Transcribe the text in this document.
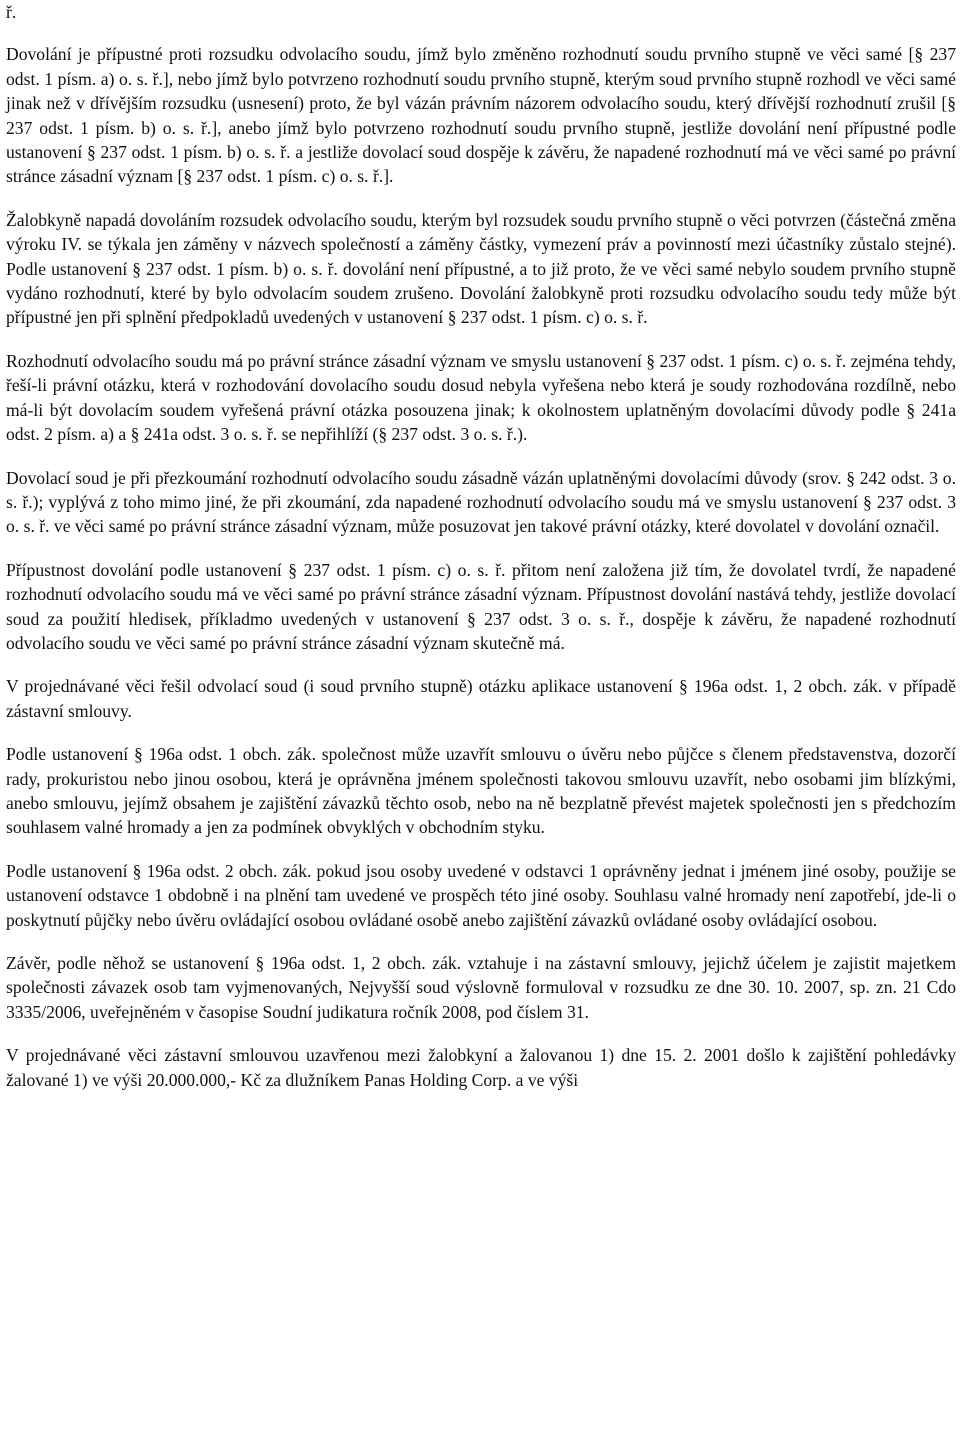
ř.

Dovolání je přípustné proti rozsudku odvolacího soudu, jímž bylo změněno rozhodnutí soudu prvního stupně ve věci samé [§ 237 odst. 1 písm. a) o. s. ř.], nebo jímž bylo potvrzeno rozhodnutí soudu prvního stupně, kterým soud prvního stupně rozhodl ve věci samé jinak než v dřívějším rozsudku (usnesení) proto, že byl vázán právním názorem odvolacího soudu, který dřívější rozhodnutí zrušil [§ 237 odst. 1 písm. b) o. s. ř.], anebo jímž bylo potvrzeno rozhodnutí soudu prvního stupně, jestliže dovolání není přípustné podle ustanovení § 237 odst. 1 písm. b) o. s. ř. a jestliže dovolací soud dospěje k závěru, že napadené rozhodnutí má ve věci samé po právní stránce zásadní význam [§ 237 odst. 1 písm. c) o. s. ř.].

Žalobkyně napadá dovoláním rozsudek odvolacího soudu, kterým byl rozsudek soudu prvního stupně o věci potvrzen (částečná změna výroku IV. se týkala jen záměny v názvech společností a záměny částky, vymezení práv a povinností mezi účastníky zůstalo stejné). Podle ustanovení § 237 odst. 1 písm. b) o. s. ř. dovolání není přípustné, a to již proto, že ve věci samé nebylo soudem prvního stupně vydáno rozhodnutí, které by bylo odvolacím soudem zrušeno. Dovolání žalobkyně proti rozsudku odvolacího soudu tedy může být přípustné jen při splnění předpokladů uvedených v ustanovení § 237 odst. 1 písm. c) o. s. ř.

Rozhodnutí odvolacího soudu má po právní stránce zásadní význam ve smyslu ustanovení § 237 odst. 1 písm. c) o. s. ř. zejména tehdy, řeší-li právní otázku, která v rozhodování dovolacího soudu dosud nebyla vyřešena nebo která je soudy rozhodována rozdílně, nebo má-li být dovolacím soudem vyřešená právní otázka posouzena jinak; k okolnostem uplatněným dovolacími důvody podle § 241a odst. 2 písm. a) a § 241a odst. 3 o. s. ř. se nepřihlíží (§ 237 odst. 3 o. s. ř.).

Dovolací soud je při přezkoumání rozhodnutí odvolacího soudu zásadně vázán uplatněnými dovolacími důvody (srov. § 242 odst. 3 o. s. ř.); vyplývá z toho mimo jiné, že při zkoumání, zda napadené rozhodnutí odvolacího soudu má ve smyslu ustanovení § 237 odst. 3 o. s. ř. ve věci samé po právní stránce zásadní význam, může posuzovat jen takové právní otázky, které dovolatel v dovolání označil.

Přípustnost dovolání podle ustanovení § 237 odst. 1 písm. c) o. s. ř. přitom není založena již tím, že dovolatel tvrdí, že napadené rozhodnutí odvolacího soudu má ve věci samé po právní stránce zásadní význam. Přípustnost dovolání nastává tehdy, jestliže dovolací soud za použití hledisek, příkladmo uvedených v ustanovení § 237 odst. 3 o. s. ř., dospěje k závěru, že napadené rozhodnutí odvolacího soudu ve věci samé po právní stránce zásadní význam skutečně má.

V projednávané věci řešil odvolací soud (i soud prvního stupně) otázku aplikace ustanovení § 196a odst. 1, 2 obch. zák. v případě zástavní smlouvy.

Podle ustanovení § 196a odst. 1 obch. zák. společnost může uzavřít smlouvu o úvěru nebo půjčce s členem představenstva, dozorčí rady, prokuristou nebo jinou osobou, která je oprávněna jménem společnosti takovou smlouvu uzavřít, nebo osobami jim blízkými, anebo smlouvu, jejímž obsahem je zajištění závazků těchto osob, nebo na ně bezplatně převést majetek společnosti jen s předchozím souhlasem valné hromady a jen za podmínek obvyklých v obchodním styku.

Podle ustanovení § 196a odst. 2 obch. zák. pokud jsou osoby uvedené v odstavci 1 oprávněny jednat i jménem jiné osoby, použije se ustanovení odstavce 1 obdobně i na plnění tam uvedené ve prospěch této jiné osoby. Souhlasu valné hromady není zapotřebí, jde-li o poskytnutí půjčky nebo úvěru ovládající osobou ovládané osobě anebo zajištění závazků ovládané osoby ovládající osobou.

Závěr, podle něhož se ustanovení § 196a odst. 1, 2 obch. zák. vztahuje i na zástavní smlouvy, jejichž účelem je zajistit majetkem společnosti závazek osob tam vyjmenovaných, Nejvyšší soud výslovně formuloval v rozsudku ze dne 30. 10. 2007, sp. zn. 21 Cdo 3335/2006, uveřejněném v časopise Soudní judikatura ročník 2008, pod číslem 31.

V projednávané věci zástavní smlouvou uzavřenou mezi žalobkyní a žalovanou 1) dne 15. 2. 2001 došlo k zajištění pohledávky žalované 1) ve výši 20.000.000,- Kč za dlužníkem Panas Holding Corp. a ve výši
